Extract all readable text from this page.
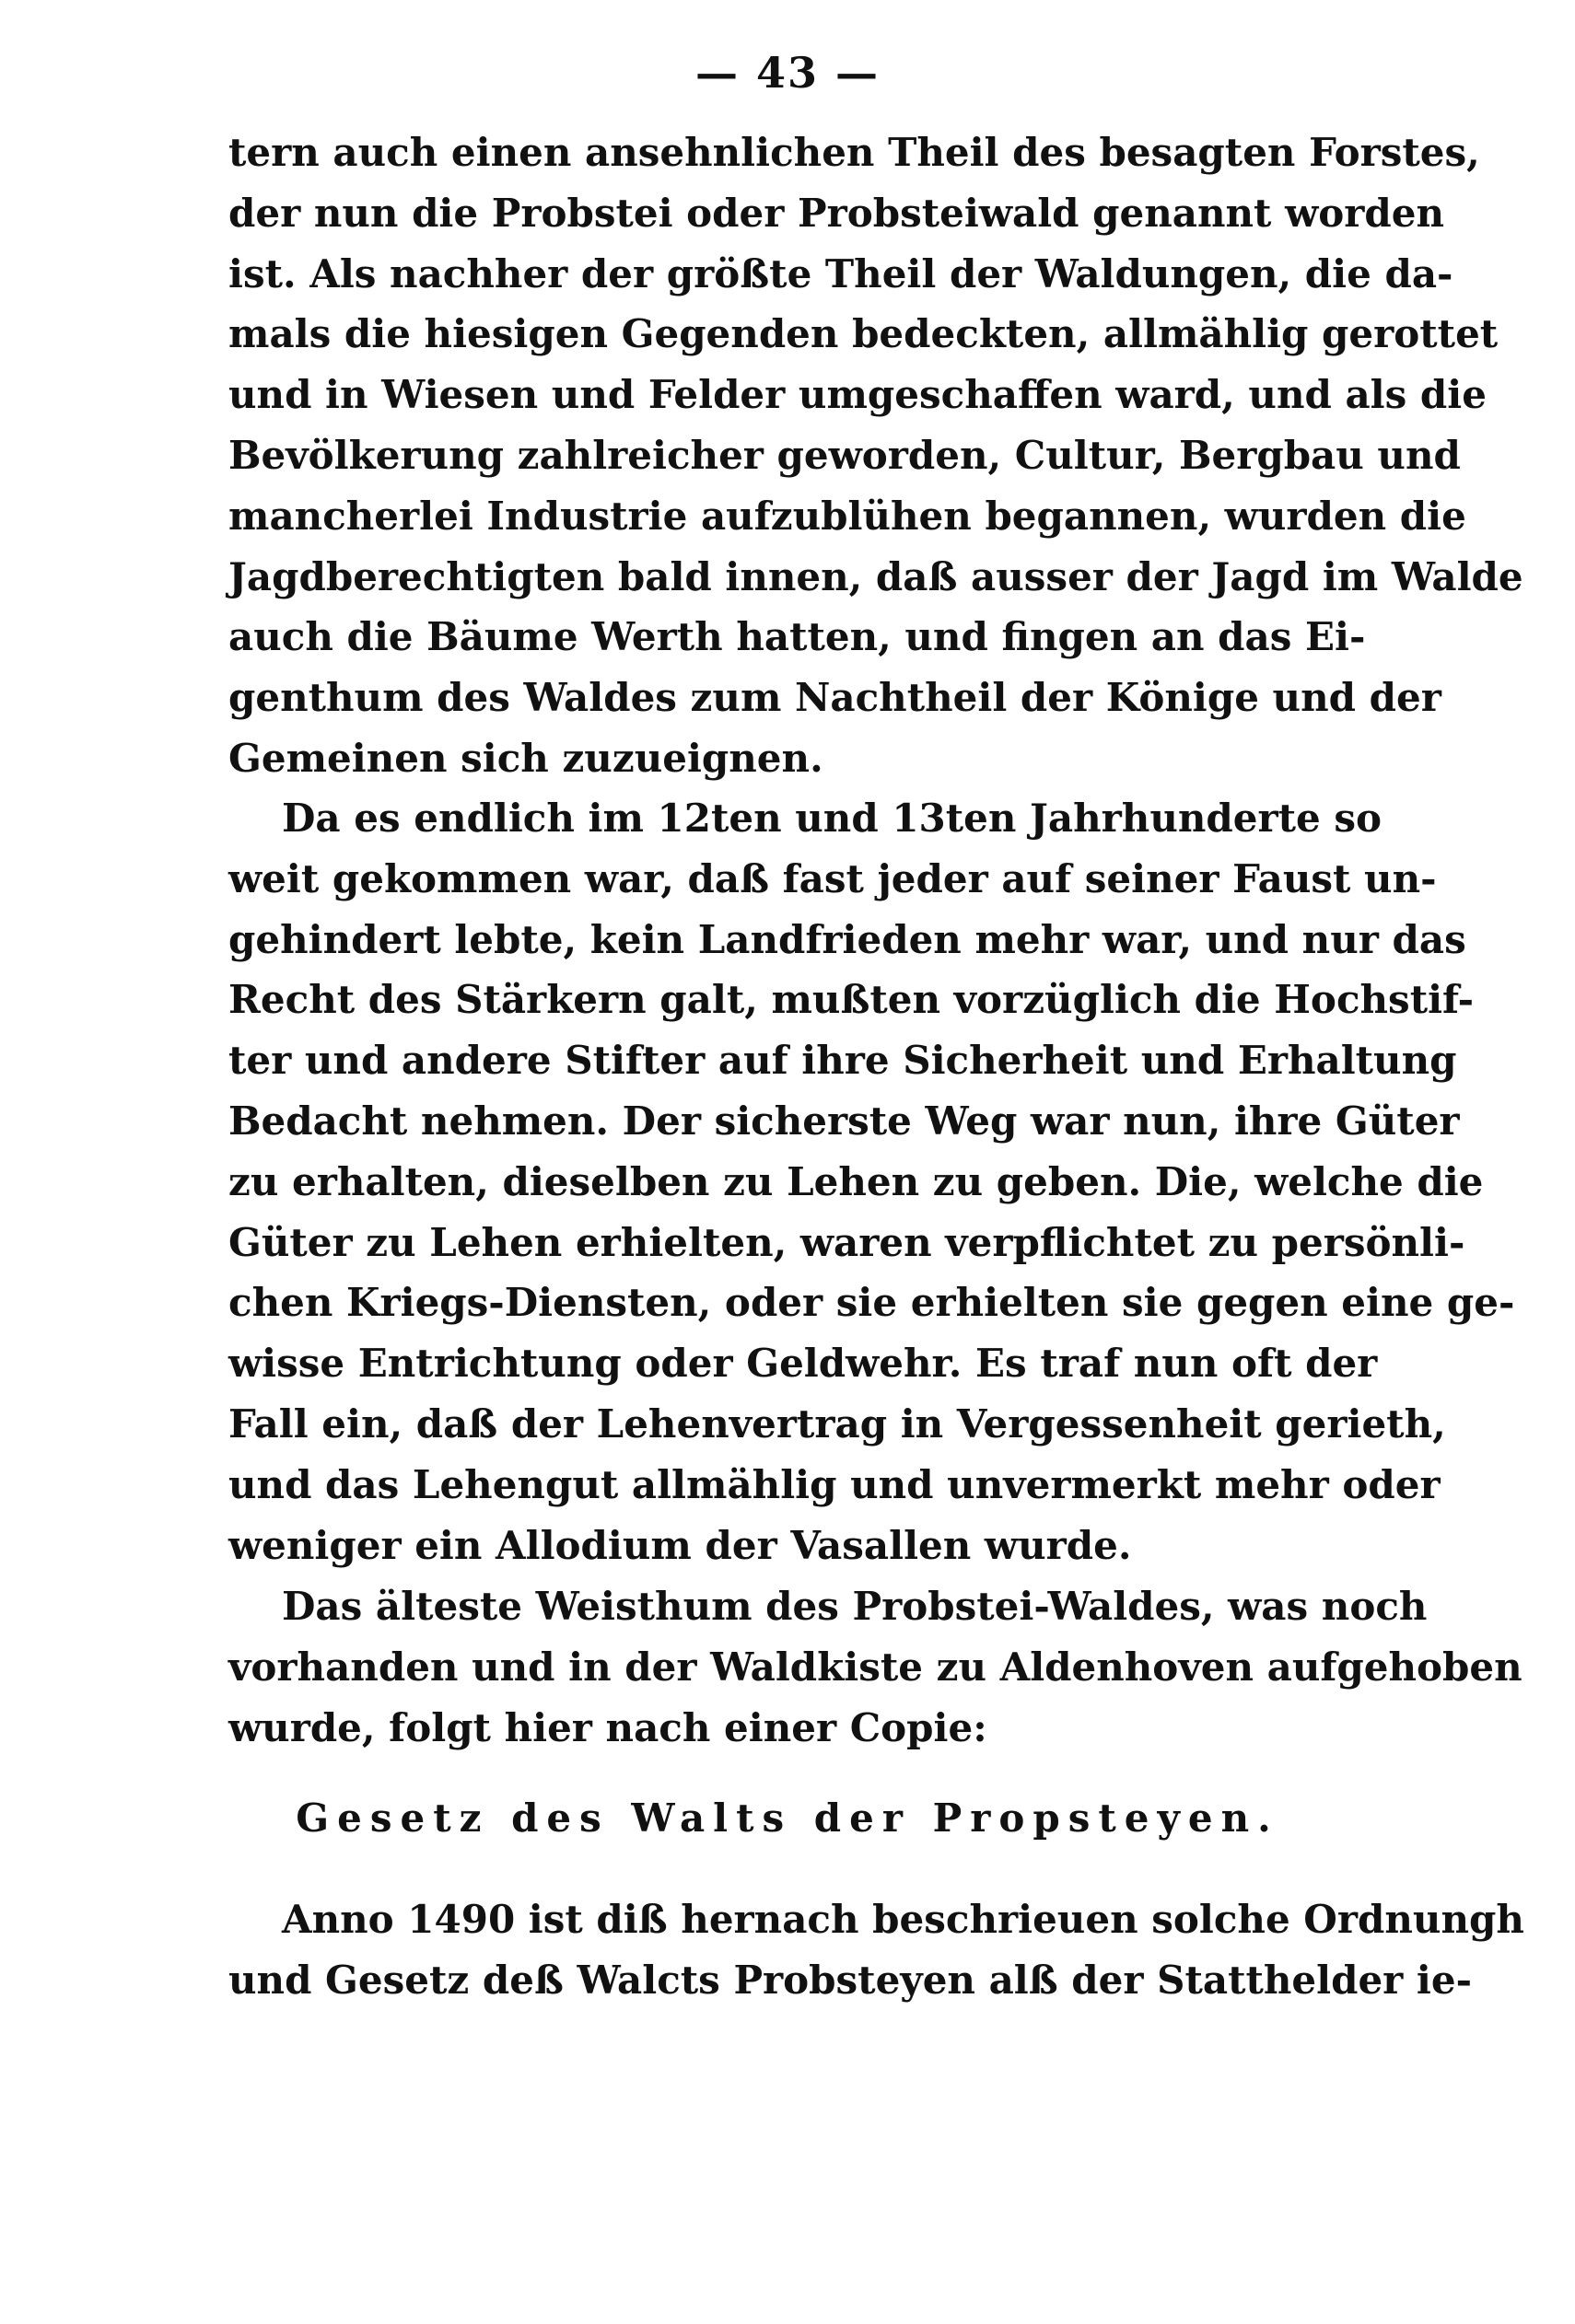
— 43 —
tern auch einen ansehnlichen Theil des besagten Forstes,
der nun die Probstei oder Probsteiwald genannt worden
ist. Als nachher der größte Theil der Waldungen, die da-
mals die hiesigen Gegenden bedeckten, allmählig gerottet
und in Wiesen und Felder umgeschaffen ward, und als die
Bevölkerung zahlreicher geworden, Cultur, Bergbau und
mancherlei Industrie aufzublühen begannen, wurden die
Jagdberechtigten bald innen, daß ausser der Jagd im Walde
auch die Bäume Werth hatten, und fingen an das Ei-
genthum des Waldes zum Nachtheil der Könige und der
Gemeinen sich zuzueignen.
Da es endlich im 12ten und 13ten Jahrhunderte so
weit gekommen war, daß fast jeder auf seiner Faust un-
gehindert lebte, kein Landfrieden mehr war, und nur das
Recht des Stärkern galt, mußten vorzüglich die Hochstif-
ter und andere Stifter auf ihre Sicherheit und Erhaltung
Bedacht nehmen. Der sicherste Weg war nun, ihre Güter
zu erhalten, dieselben zu Lehen zu geben. Die, welche die
Güter zu Lehen erhielten, waren verpflichtet zu persönli-
chen Kriegs-Diensten, oder sie erhielten sie gegen eine ge-
wisse Entrichtung oder Geldwehr. Es traf nun oft der
Fall ein, daß der Lehenvertrag in Vergessenheit gerieth,
und das Lehengut allmählig und unvermerkt mehr oder
weniger ein Allodium der Vasallen wurde.
Das älteste Weisthum des Probstei-Waldes, was noch
vorhanden und in der Waldkiste zu Aldenhoven aufgehoben
wurde, folgt hier nach einer Copie:
Gesetz des Walts der Propsteyen.
Anno 1490 ist diß hernach beschrieuen solche Ordnungh
und Gesetz deß Walcts Probsteyen alß der Statthelder ie-
